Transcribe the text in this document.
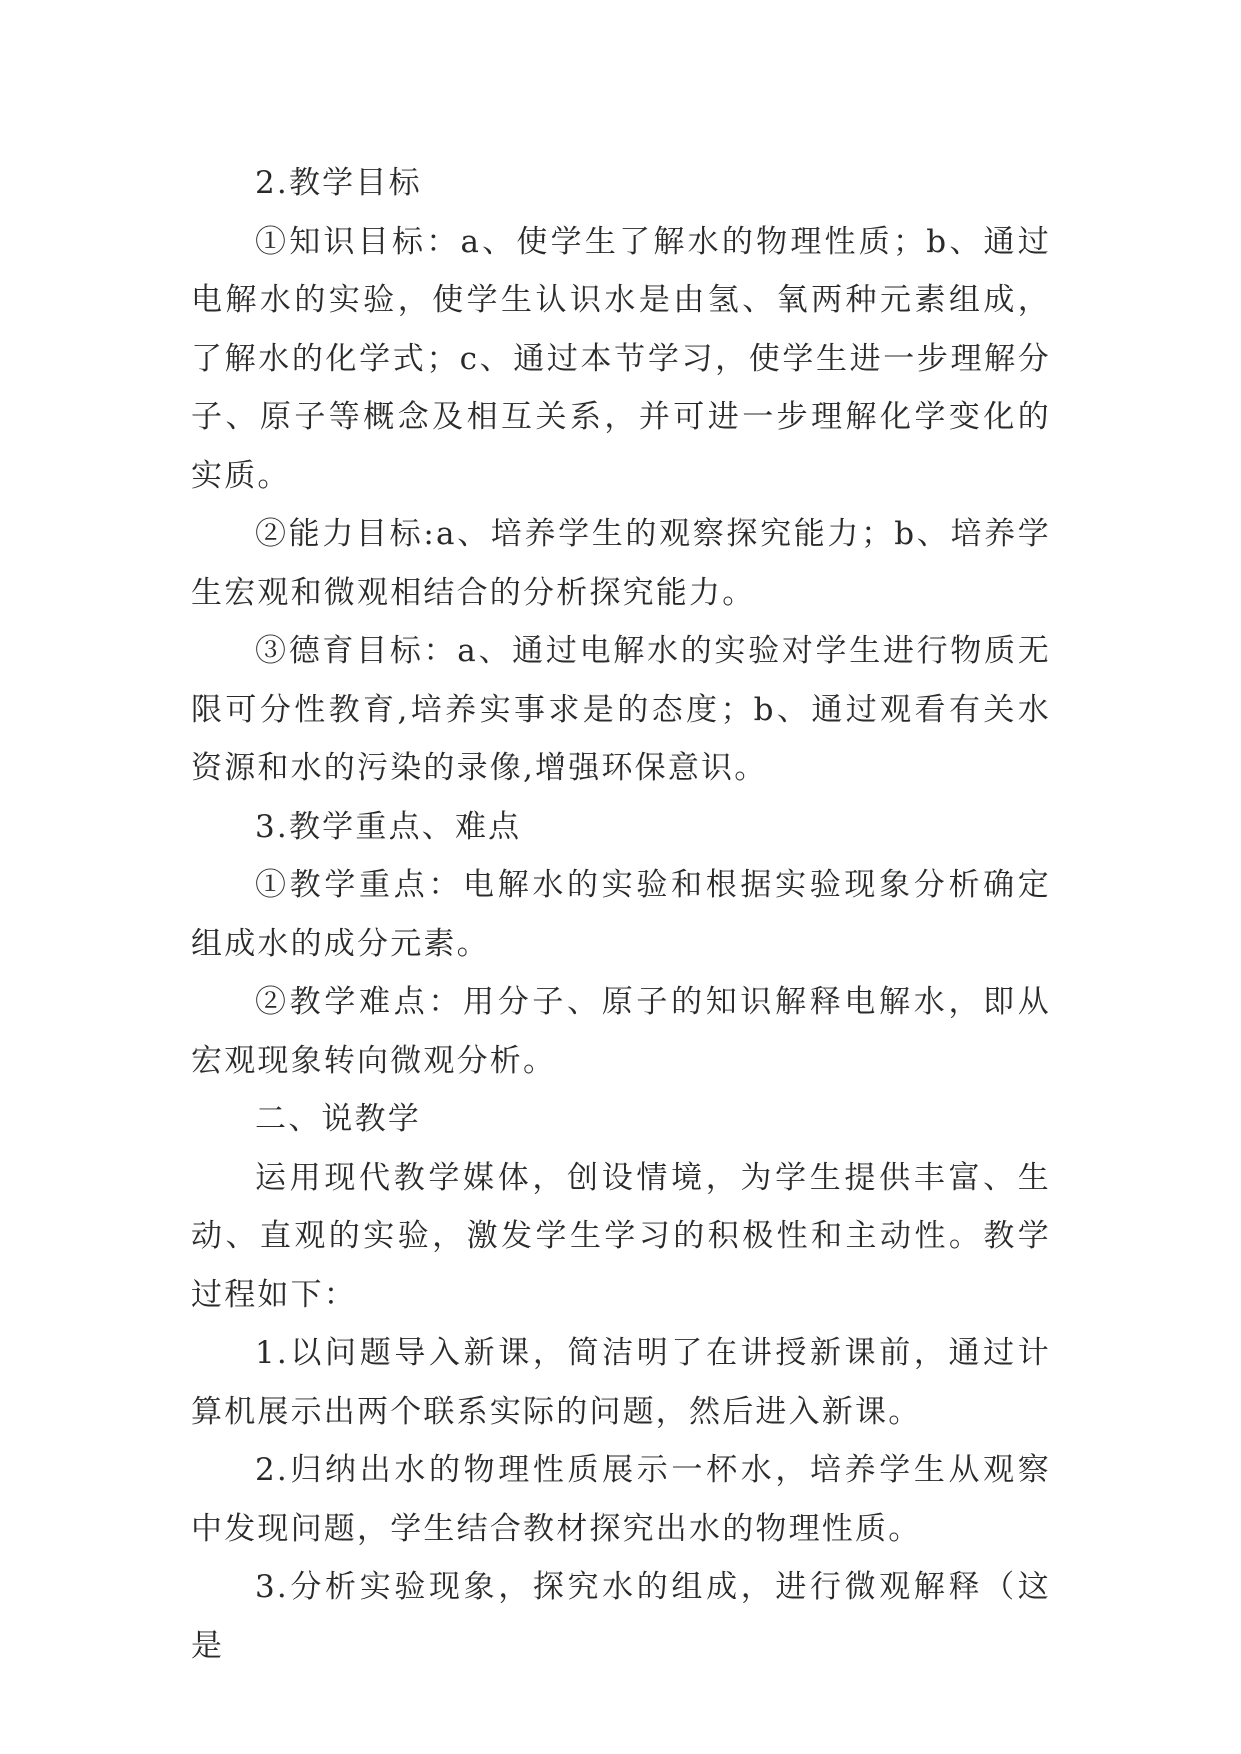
2.教学目标

①知识目标：a、使学生了解水的物理性质；b、通过电解水的实验，使学生认识水是由氢、氧两种元素组成，了解水的化学式；c、通过本节学习，使学生进一步理解分子、原子等概念及相互关系，并可进一步理解化学变化的实质。

②能力目标:a、培养学生的观察探究能力；b、培养学生宏观和微观相结合的分析探究能力。

③德育目标：a、通过电解水的实验对学生进行物质无限可分性教育,培养实事求是的态度；b、通过观看有关水资源和水的污染的录像,增强环保意识。

3.教学重点、难点

①教学重点：电解水的实验和根据实验现象分析确定组成水的成分元素。

②教学难点：用分子、原子的知识解释电解水，即从宏观现象转向微观分析。

二、说教学

运用现代教学媒体，创设情境，为学生提供丰富、生动、直观的实验，激发学生学习的积极性和主动性。教学过程如下：

1.以问题导入新课，简洁明了在讲授新课前，通过计算机展示出两个联系实际的问题，然后进入新课。

2.归纳出水的物理性质展示一杯水，培养学生从观察中发现问题，学生结合教材探究出水的物理性质。

3.分析实验现象，探究水的组成，进行微观解释（这是
